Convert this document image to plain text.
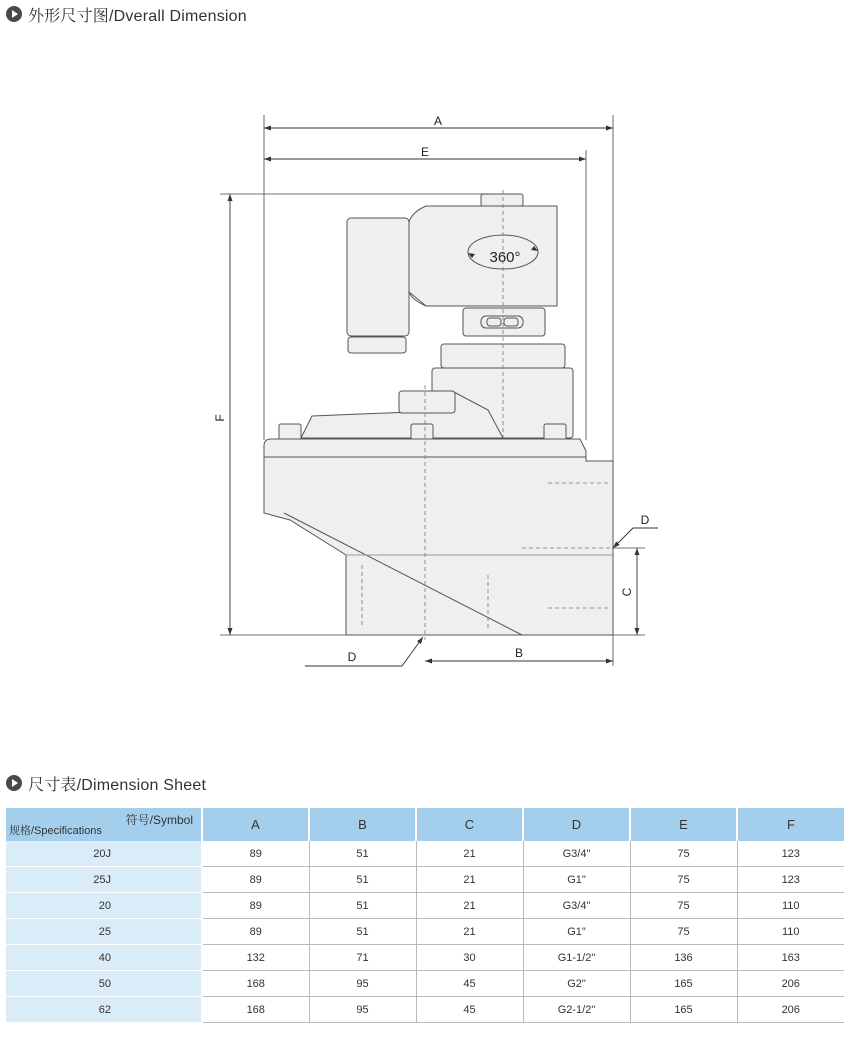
外形尺寸图/Dverall Dimension
360°
A
E
F
C
B
D
D
尺寸表/Dimension Sheet
符号/Symbol
规格/Specifications	A	B	C	D	E	F
20J	89	51	21	G3/4"	75	123
25J	89	51	21	G1"	75	123
20	89	51	21	G3/4"	75	110
25	89	51	21	G1"	75	110
40	132	71	30	G1-1/2"	136	163
50	168	95	45	G2"	165	206
62	168	95	45	G2-1/2"	165	206
